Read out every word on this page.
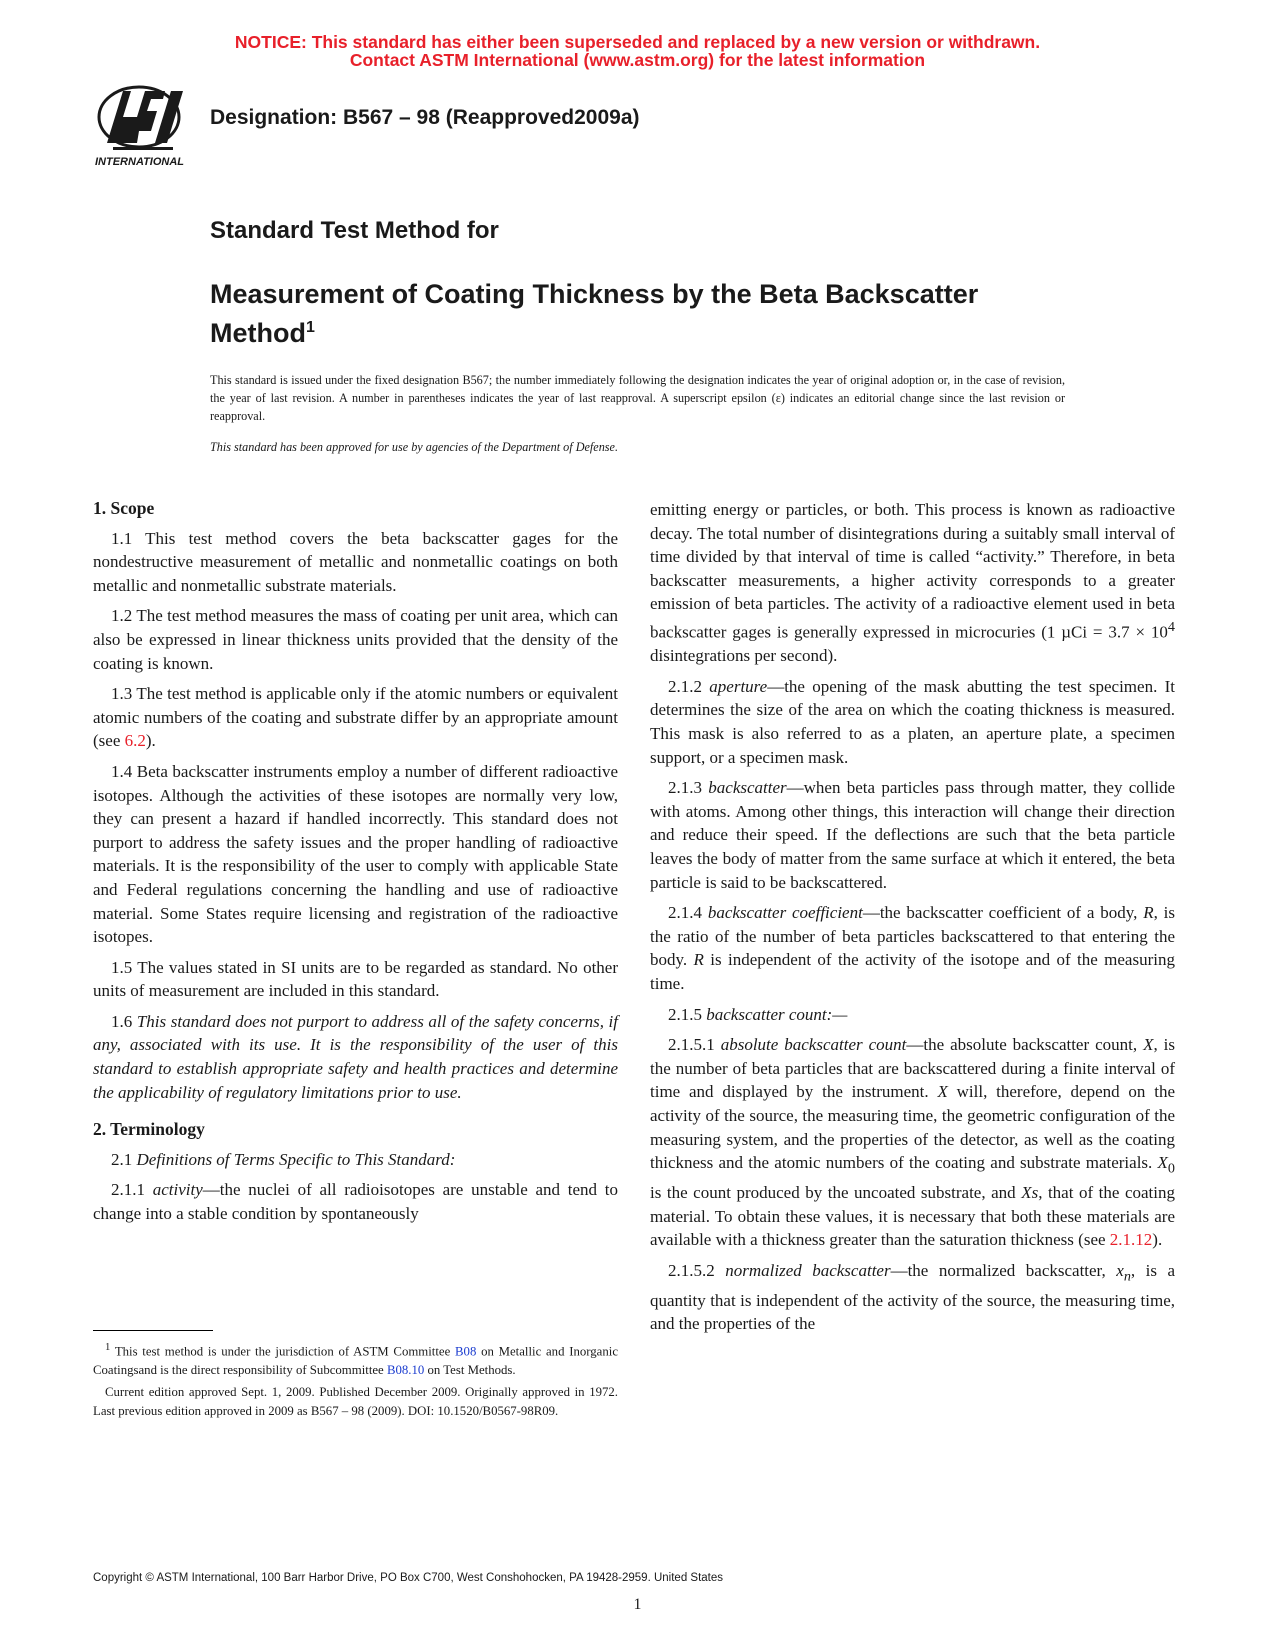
NOTICE: This standard has either been superseded and replaced by a new version or withdrawn.
Contact ASTM International (www.astm.org) for the latest information
INTERNATIONAL
Designation: B567 – 98 (Reapproved2009a)
Standard Test Method for
Measurement of Coating Thickness by the Beta Backscatter Method$^1$
This standard is issued under the fixed designation B567; the number immediately following the designation indicates the year of original adoption or, in the case of revision, the year of last revision. A number in parentheses indicates the year of last reapproval. A superscript epsilon (ε) indicates an editorial change since the last revision or reapproval.
This standard has been approved for use by agencies of the Department of Defense.
1. Scope

1.1 This test method covers the beta backscatter gages for the nondestructive measurement of metallic and nonmetallic coatings on both metallic and nonmetallic substrate materials.

1.2 The test method measures the mass of coating per unit area, which can also be expressed in linear thickness units provided that the density of the coating is known.

1.3 The test method is applicable only if the atomic numbers or equivalent atomic numbers of the coating and substrate differ by an appropriate amount (see 6.2).

1.4 Beta backscatter instruments employ a number of different radioactive isotopes. Although the activities of these isotopes are normally very low, they can present a hazard if handled incorrectly. This standard does not purport to address the safety issues and the proper handling of radioactive materials. It is the responsibility of the user to comply with applicable State and Federal regulations concerning the handling and use of radioactive material. Some States require licensing and registration of the radioactive isotopes.

1.5 The values stated in SI units are to be regarded as standard. No other units of measurement are included in this standard.

1.6 This standard does not purport to address all of the safety concerns, if any, associated with its use. It is the responsibility of the user of this standard to establish appropriate safety and health practices and determine the applicability of regulatory limitations prior to use.

2. Terminology

2.1 Definitions of Terms Specific to This Standard:

2.1.1 activity—the nuclei of all radioisotopes are unstable and tend to change into a stable condition by spontaneously

$^1$ This test method is under the jurisdiction of ASTM Committee B08 on Metallic and Inorganic Coatingsand is the direct responsibility of Subcommittee B08.10 on Test Methods.

Current edition approved Sept. 1, 2009. Published December 2009. Originally approved in 1972. Last previous edition approved in 2009 as B567 – 98 (2009). DOI: 10.1520/B0567-98R09.

emitting energy or particles, or both. This process is known as radioactive decay. The total number of disintegrations during a suitably small interval of time divided by that interval of time is called “activity.” Therefore, in beta backscatter measurements, a higher activity corresponds to a greater emission of beta particles. The activity of a radioactive element used in beta backscatter gages is generally expressed in microcuries (1 $\mu Ci = 3.7 \times 10^4$ disintegrations per second).

2.1.2 aperture—the opening of the mask abutting the test specimen. It determines the size of the area on which the coating thickness is measured. This mask is also referred to as a platen, an aperture plate, a specimen support, or a specimen mask.

2.1.3 backscatter—when beta particles pass through matter, they collide with atoms. Among other things, this interaction will change their direction and reduce their speed. If the deflections are such that the beta particle leaves the body of matter from the same surface at which it entered, the beta particle is said to be backscattered.

2.1.4 backscatter coefficient—the backscatter coefficient of a body, R, is the ratio of the number of beta particles backscattered to that entering the body. R is independent of the activity of the isotope and of the measuring time.

2.1.5 backscatter count:—

2.1.5.1 absolute backscatter count—the absolute backscatter count, X, is the number of beta particles that are backscattered during a finite interval of time and displayed by the instrument. X will, therefore, depend on the activity of the source, the measuring time, the geometric configuration of the measuring system, and the properties of the detector, as well as the coating thickness and the atomic numbers of the coating and substrate materials. $X_0$ is the count produced by the uncoated substrate, and Xs, that of the coating material. To obtain these values, it is necessary that both these materials are available with a thickness greater than the saturation thickness (see 2.1.12).

2.1.5.2 normalized backscatter—the normalized backscatter, $x_n$, is a quantity that is independent of the activity of the source, the measuring time, and the properties of the

Copyright © ASTM International, 100 Barr Harbor Drive, PO Box C700, West Conshohocken, PA 19428-2959. United States
1
